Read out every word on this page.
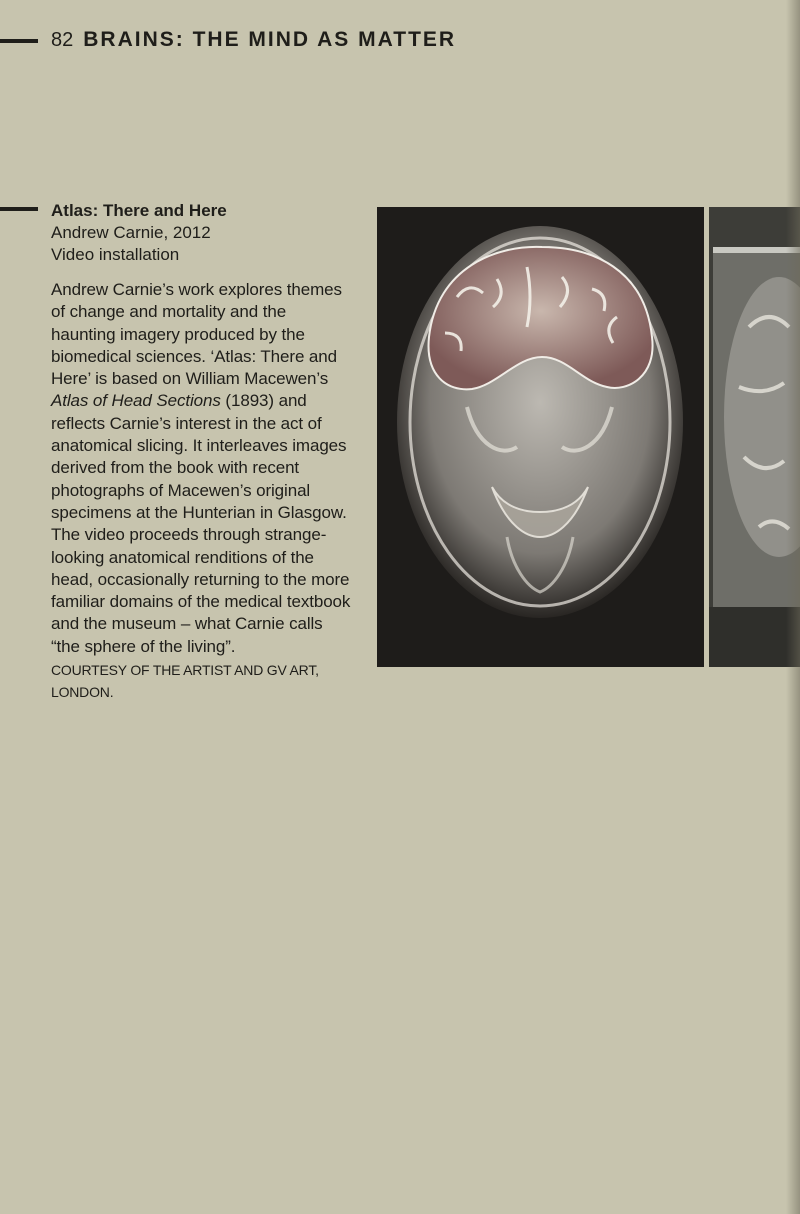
82 BRAINS: THE MIND AS MATTER
Atlas: There and Here
Andrew Carnie, 2012
Video installation
Andrew Carnie’s work explores themes of change and mortality and the haunting imagery produced by the biomedical sciences. ‘Atlas: There and Here’ is based on William Macewen’s Atlas of Head Sections (1893) and reflects Carnie’s interest in the act of anatomical slicing. It interleaves images derived from the book with recent photographs of Macewen’s original specimens at the Hunterian in Glasgow. The video proceeds through strange-looking anatomical renditions of the head, occasionally returning to the more familiar domains of the medical textbook and the museum – what Carnie calls “the sphere of the living”.
COURTESY OF THE ARTIST AND GV ART, LONDON.
